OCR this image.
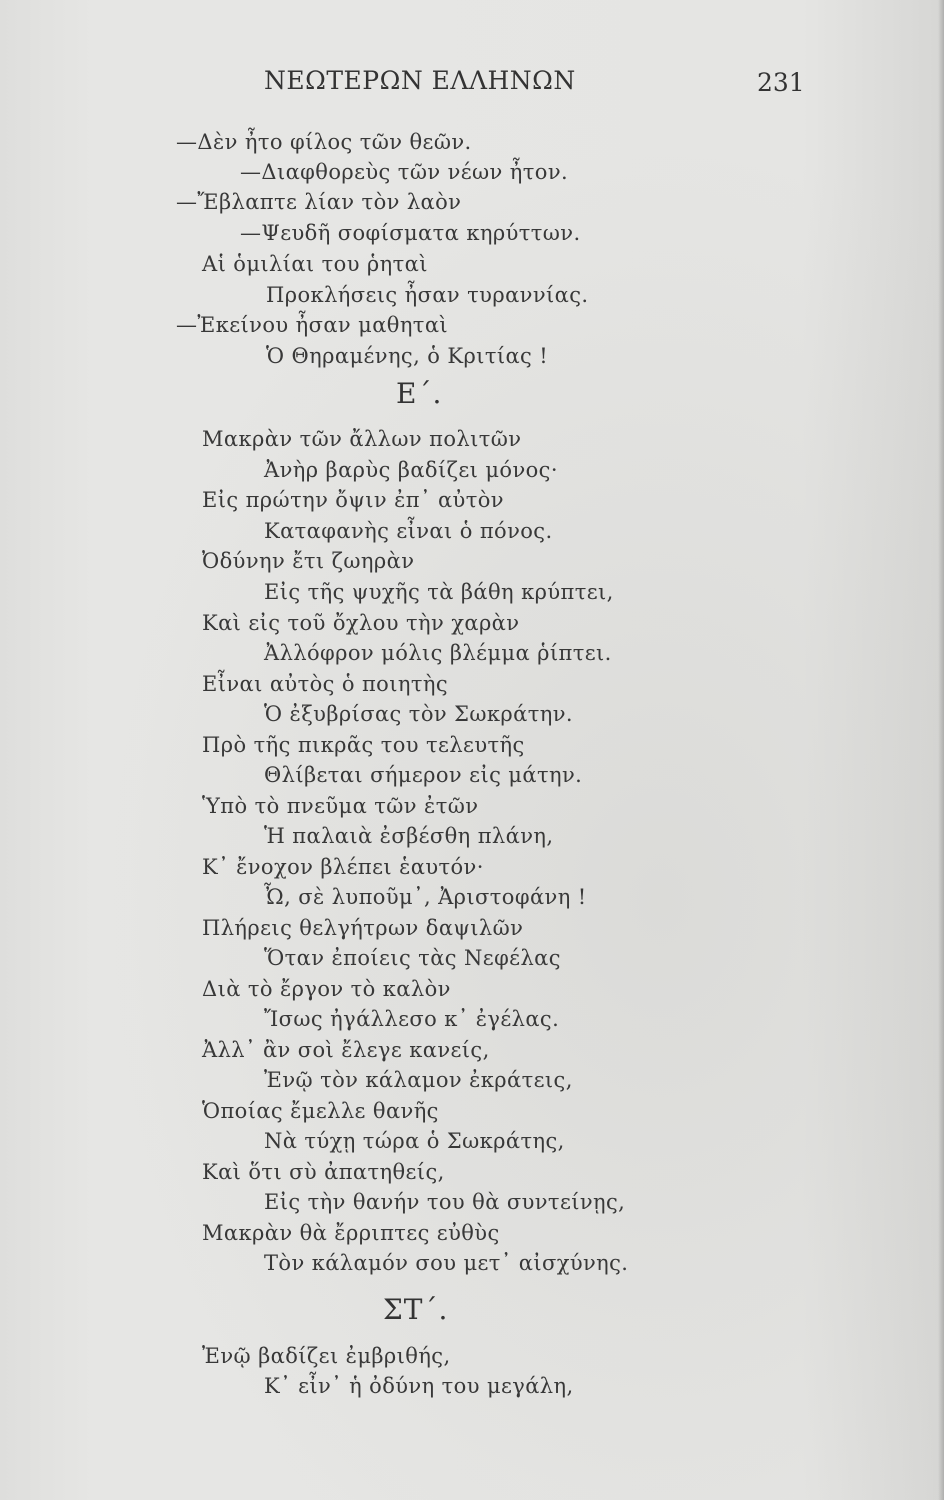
ΝΕΩΤΕΡΩΝ ΕΛΛΗΝΩΝ	231
—Δὲν ἦτο φίλος τῶν θεῶν.
—Διαφθορεὺς τῶν νέων ἦτον.
—Ἔβλαπτε λίαν τὸν λαὸν
—Ψευδῆ σοφίσματα κηρύττων.
Αἱ ὁμιλίαι του ῥηταὶ
Προκλήσεις ἦσαν τυραννίας.
—Ἐκείνου ἦσαν μαθηταὶ
Ὁ Θηραμένης, ὁ Κριτίας !
Ε΄.
Μακρὰν τῶν ἄλλων πολιτῶν
Ἀνὴρ βαρὺς βαδίζει μόνος·
Εἰς πρώτην ὄψιν ἐπ᾽ αὐτὸν
Καταφανὴς εἶναι ὁ πόνος.
Ὀδύνην ἔτι ζωηρὰν
Εἰς τῆς ψυχῆς τὰ βάθη κρύπτει,
Καὶ εἰς τοῦ ὄχλου τὴν χαρὰν
Ἀλλόφρον μόλις βλέμμα ῥίπτει.
Εἶναι αὐτὸς ὁ ποιητὴς
Ὁ ἐξυβρίσας τὸν Σωκράτην.
Πρὸ τῆς πικρᾶς του τελευτῆς
Θλίβεται σήμερον εἰς μάτην.
Ὑπὸ τὸ πνεῦμα τῶν ἐτῶν
Ἡ παλαιὰ ἐσβέσθη πλάνη,
Κ᾽ ἔνοχον βλέπει ἑαυτόν·
Ὦ, σὲ λυποῦμ᾽, Ἀριστοφάνη !
Πλήρεις θελγήτρων δαψιλῶν
Ὅταν ἐποίεις τὰς Νεφέλας
Διὰ τὸ ἔργον τὸ καλὸν
Ἴσως ἠγάλλεσο κ᾽ ἐγέλας.
Ἀλλ᾽ ἂν σοὶ ἔλεγε κανείς,
Ἐνῷ τὸν κάλαμον ἐκράτεις,
Ὁποίας ἔμελλε θανῆς
Νὰ τύχῃ τώρα ὁ Σωκράτης,
Καὶ ὅτι σὺ ἀπατηθείς,
Εἰς τὴν θανήν του θὰ συντείνῃς,
Μακρὰν θὰ ἔρριπτες εὐθὺς
Τὸν κάλαμόν σου μετ᾽ αἰσχύνης.
ΣΤ΄.
Ἐνῷ βαδίζει ἐμβριθής,
Κ᾽ εἶν᾽ ἡ ὀδύνη του μεγάλη,
